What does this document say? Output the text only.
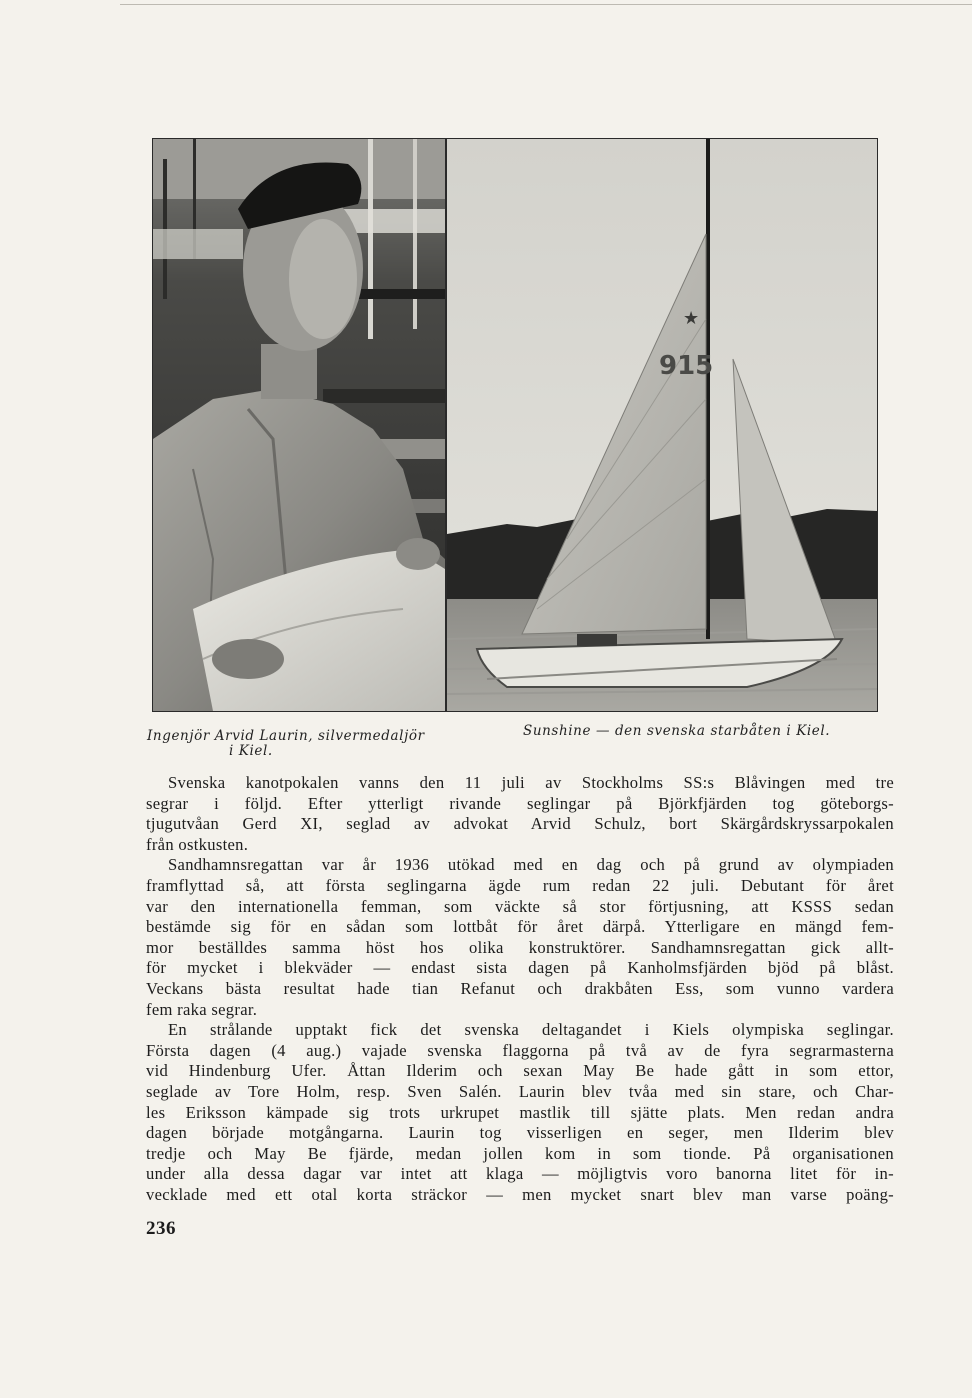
★
915
Ingenjör Arvid Laurin, silvermedaljör
i Kiel.
Sunshine — den svenska starbåten i Kiel.
Svenska kanotpokalen vanns den 11 juli av Stockholms SS:s Blåvingen med tre
segrar i följd. Efter ytterligt rivande seglingar på Björkfjärden tog göteborgs-
tjugutvåan Gerd XI, seglad av advokat Arvid Schulz, bort Skärgårdskryssarpokalen
från ostkusten.
Sandhamnsregattan var år 1936 utökad med en dag och på grund av olympiaden
framflyttad så, att första seglingarna ägde rum redan 22 juli. Debutant för året
var den internationella femman, som väckte så stor förtjusning, att KSSS sedan
bestämde sig för en sådan som lottbåt för året därpå. Ytterligare en mängd fem-
mor beställdes samma höst hos olika konstruktörer. Sandhamnsregattan gick allt-
för mycket i blekväder — endast sista dagen på Kanholmsfjärden bjöd på blåst.
Veckans bästa resultat hade tian Refanut och drakbåten Ess, som vunno vardera
fem raka segrar.
En strålande upptakt fick det svenska deltagandet i Kiels olympiska seglingar.
Första dagen (4 aug.) vajade svenska flaggorna på två av de fyra segrarmasterna
vid Hindenburg Ufer. Åttan Ilderim och sexan May Be hade gått in som ettor,
seglade av Tore Holm, resp. Sven Salén. Laurin blev tvåa med sin stare, och Char-
les Eriksson kämpade sig trots urkrupet mastlik till sjätte plats. Men redan andra
dagen började motgångarna. Laurin tog visserligen en seger, men Ilderim blev
tredje och May Be fjärde, medan jollen kom in som tionde. På organisationen
under alla dessa dagar var intet att klaga — möjligtvis voro banorna litet för in-
vecklade med ett otal korta sträckor — men mycket snart blev man varse poäng-
236
